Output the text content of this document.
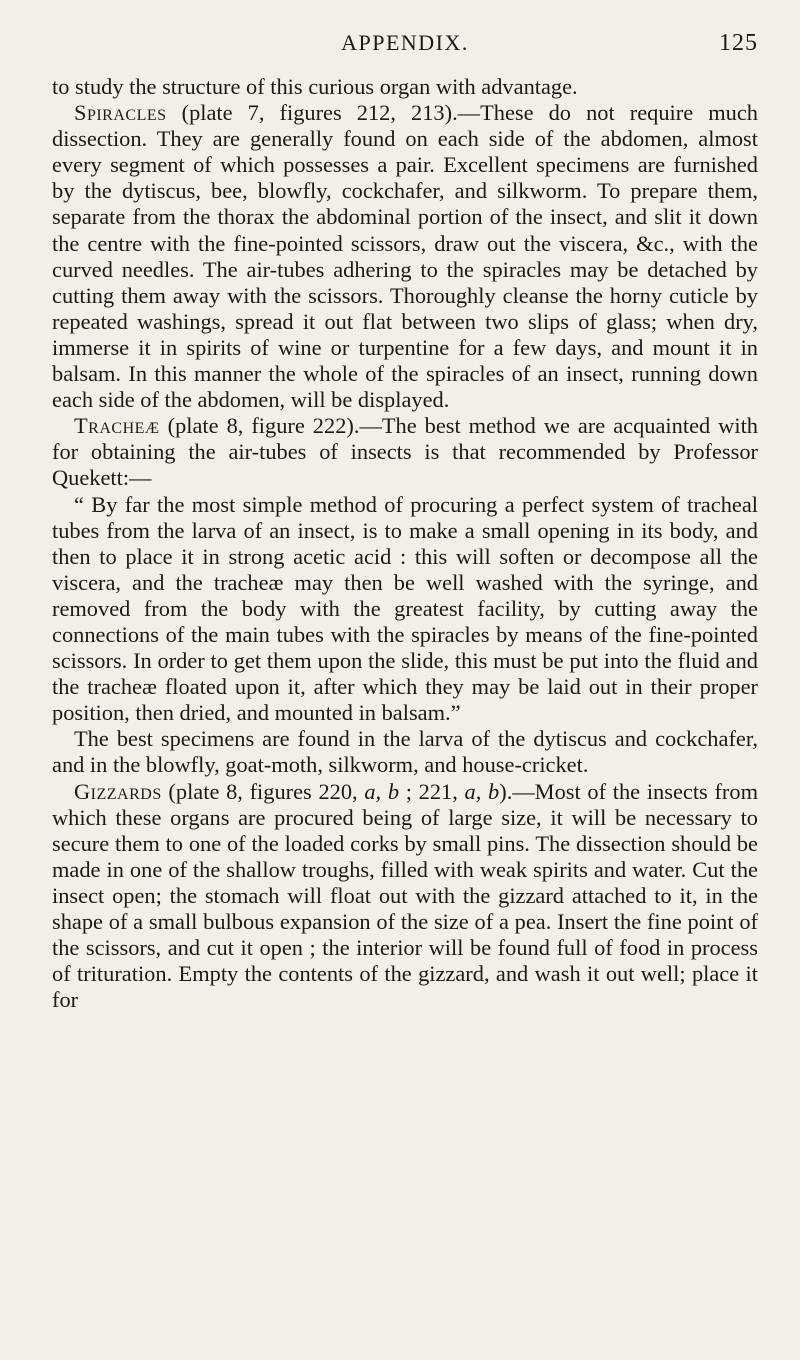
APPENDIX.	125

to study the structure of this curious organ with advantage.

Spiracles (plate 7, figures 212, 213).—These do not require much dissection. They are generally found on each side of the abdomen, almost every segment of which possesses a pair. Excellent specimens are furnished by the dytiscus, bee, blowfly, cockchafer, and silkworm. To prepare them, separate from the thorax the abdominal portion of the insect, and slit it down the centre with the fine-pointed scissors, draw out the viscera, &c., with the curved needles. The air-tubes adhering to the spiracles may be detached by cutting them away with the scissors. Thoroughly cleanse the horny cuticle by repeated washings, spread it out flat between two slips of glass; when dry, immerse it in spirits of wine or turpentine for a few days, and mount it in balsam. In this manner the whole of the spiracles of an insect, running down each side of the abdomen, will be displayed.

Tracheæ (plate 8, figure 222).—The best method we are acquainted with for obtaining the air-tubes of insects is that recommended by Professor Quekett:—

“ By far the most simple method of procuring a perfect system of tracheal tubes from the larva of an insect, is to make a small opening in its body, and then to place it in strong acetic acid : this will soften or decompose all the viscera, and the tracheæ may then be well washed with the syringe, and removed from the body with the greatest facility, by cutting away the connections of the main tubes with the spiracles by means of the fine-pointed scissors. In order to get them upon the slide, this must be put into the fluid and the tracheæ floated upon it, after which they may be laid out in their proper position, then dried, and mounted in balsam.”

The best specimens are found in the larva of the dytiscus and cockchafer, and in the blowfly, goat-moth, silkworm, and house-cricket.

Gizzards (plate 8, figures 220, a, b ; 221, a, b).—Most of the insects from which these organs are procured being of large size, it will be necessary to secure them to one of the loaded corks by small pins. The dissection should be made in one of the shallow troughs, filled with weak spirits and water. Cut the insect open; the stomach will float out with the gizzard attached to it, in the shape of a small bulbous expansion of the size of a pea. Insert the fine point of the scissors, and cut it open ; the interior will be found full of food in process of trituration. Empty the contents of the gizzard, and wash it out well; place it for
